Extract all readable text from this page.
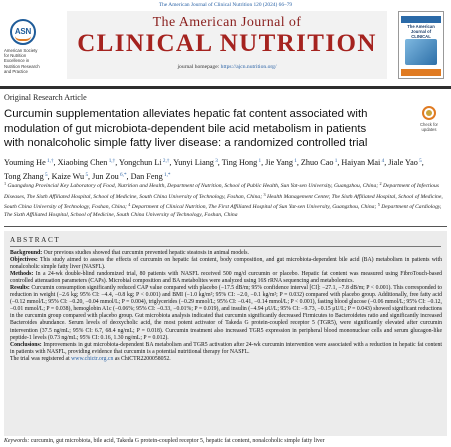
The American Journal of Clinical Nutrition 120 (2024) 66–79
ASN
American Society
for Nutrition
Excellence in
Nutrition Research
and Practice
The American Journal of
CLINICAL NUTRITION
journal homepage: https://ajcn.nutrition.org/
The American Journal of
CLINICAL
Original Research Article
Curcumin supplementation alleviates hepatic fat content associated with modulation of gut microbiota-dependent bile acid metabolism in patients with nonalcoholic simple fatty liver disease: a randomized controlled trial
Check for
updates
Youming He $^{1,\dagger}$, Xiaobing Chen $^{1,\dagger}$, Yongchun Li $^{2,\dagger}$, Yunyi Liang $^3$, Ting Hong $^1$, Jie Yang $^1$, Zhuo Cao $^1$, Haiyan Mai $^4$, Jiale Yao $^5$, Tong Zhang $^5$, Kaize Wu $^5$, Jun Zou $^{6,*}$, Dan Feng $^{1,*}$
$^1$ Guangdong Provincial Key Laboratory of Food, Nutrition and Health, Department of Nutrition, School of Public Health, Sun Yat-sen University, Guangzhou, China; $^2$ Department of Infectious Diseases, The Sixth Affiliated Hospital, School of Medicine, South China University of Technology, Foshan, China; $^3$ Health Management Center, The Sixth Affiliated Hospital, School of Medicine, South China University of Technology, Foshan, China; $^4$ Department of Clinical Nutrition, The First Affiliated Hospital of Sun Yat-sen University, Guangzhou, China; $^5$ Department of Cardiology, The Sixth Affiliated Hospital, School of Medicine, South China University of Technology, Foshan, China
ABSTRACT

Background: Our previous studies showed that curcumin prevented hepatic steatosis in animal models.

Objectives: This study aimed to assess the effects of curcumin on hepatic fat content, body composition, and gut microbiota-dependent bile acid (BA) metabolism in patients with nonalcoholic simple fatty liver (NASFL).

Methods: In a 24-wk double-blind randomized trial, 80 patients with NASFL received 500 mg/d curcumin or placebo. Hepatic fat content was measured using FibroTouch-based controlled attenuation parameters (CAPs). Microbial composition and BA metabolites were analyzed using 16S rRNA sequencing and metabolomics.

Results: Curcumin consumption significantly reduced CAP value compared with placebo (−17.5 dB/m; 95% confidence interval [CI]: −27.1, −7.8 dB/m; P < 0.001). This corresponded to reduction in weight (−2.6 kg; 95% CI: −4.4, −0.8 kg; P < 0.001) and BMI (−1.0 kg/m²; 95% CI: −2.0, −0.1 kg/m²; P = 0.032) compared with placebo group. Additionally, free fatty acid (−0.12 mmol/L; 95% CI: −0.20, −0.04 mmol/L; P = 0.004), triglycerides (−0.29 mmol/L; 95% CI: −0.41, −0.14 mmol/L; P < 0.001), fasting blood glucose (−0.06 mmol/L; 95% CI: −0.12, −0.01 mmol/L; P = 0.038), hemoglobin A1c (−0.06%; 95% CI: −0.33, −0.01%; P = 0.019), and insulin (−4.94 μU/L; 95% CI: −9.73, −0.15 μU/L; P = 0.043) showed significant reductions in the curcumin group compared with placebo group. Gut microbiota analysis indicated that curcumin significantly decreased Firmicutes to Bacteroidetes ratio and significantly increased Bacteroides abundance. Serum levels of deoxycholic acid, the most potent activator of Takeda G protein-coupled receptor 5 (TGR5), were significantly elevated after curcumin intervention (37.5 ng/mL; 95% CI: 6.7, 68.4 ng/mL; P = 0.018). Curcumin treatment also increased TGR5 expression in peripheral blood mononuclear cells and serum glucagon-like peptide-1 levels (0.73 ng/mL; 95% CI: 0.16, 1.30 ng/mL; P = 0.012).

Conclusions: Improvements in gut microbiota-dependent BA metabolism and TGR5 activation after 24-wk curcumin intervention were associated with a reduction in hepatic fat content in patients with NASFL, providing evidence that curcumin is a potential nutritional therapy for NASFL.

The trial was registered at www.chictr.org.cn as ChiCTR2200058052.

Keywords: curcumin, gut microbiota, bile acid, Takeda G protein-coupled receptor 5, hepatic fat content, nonalcoholic simple fatty liver
